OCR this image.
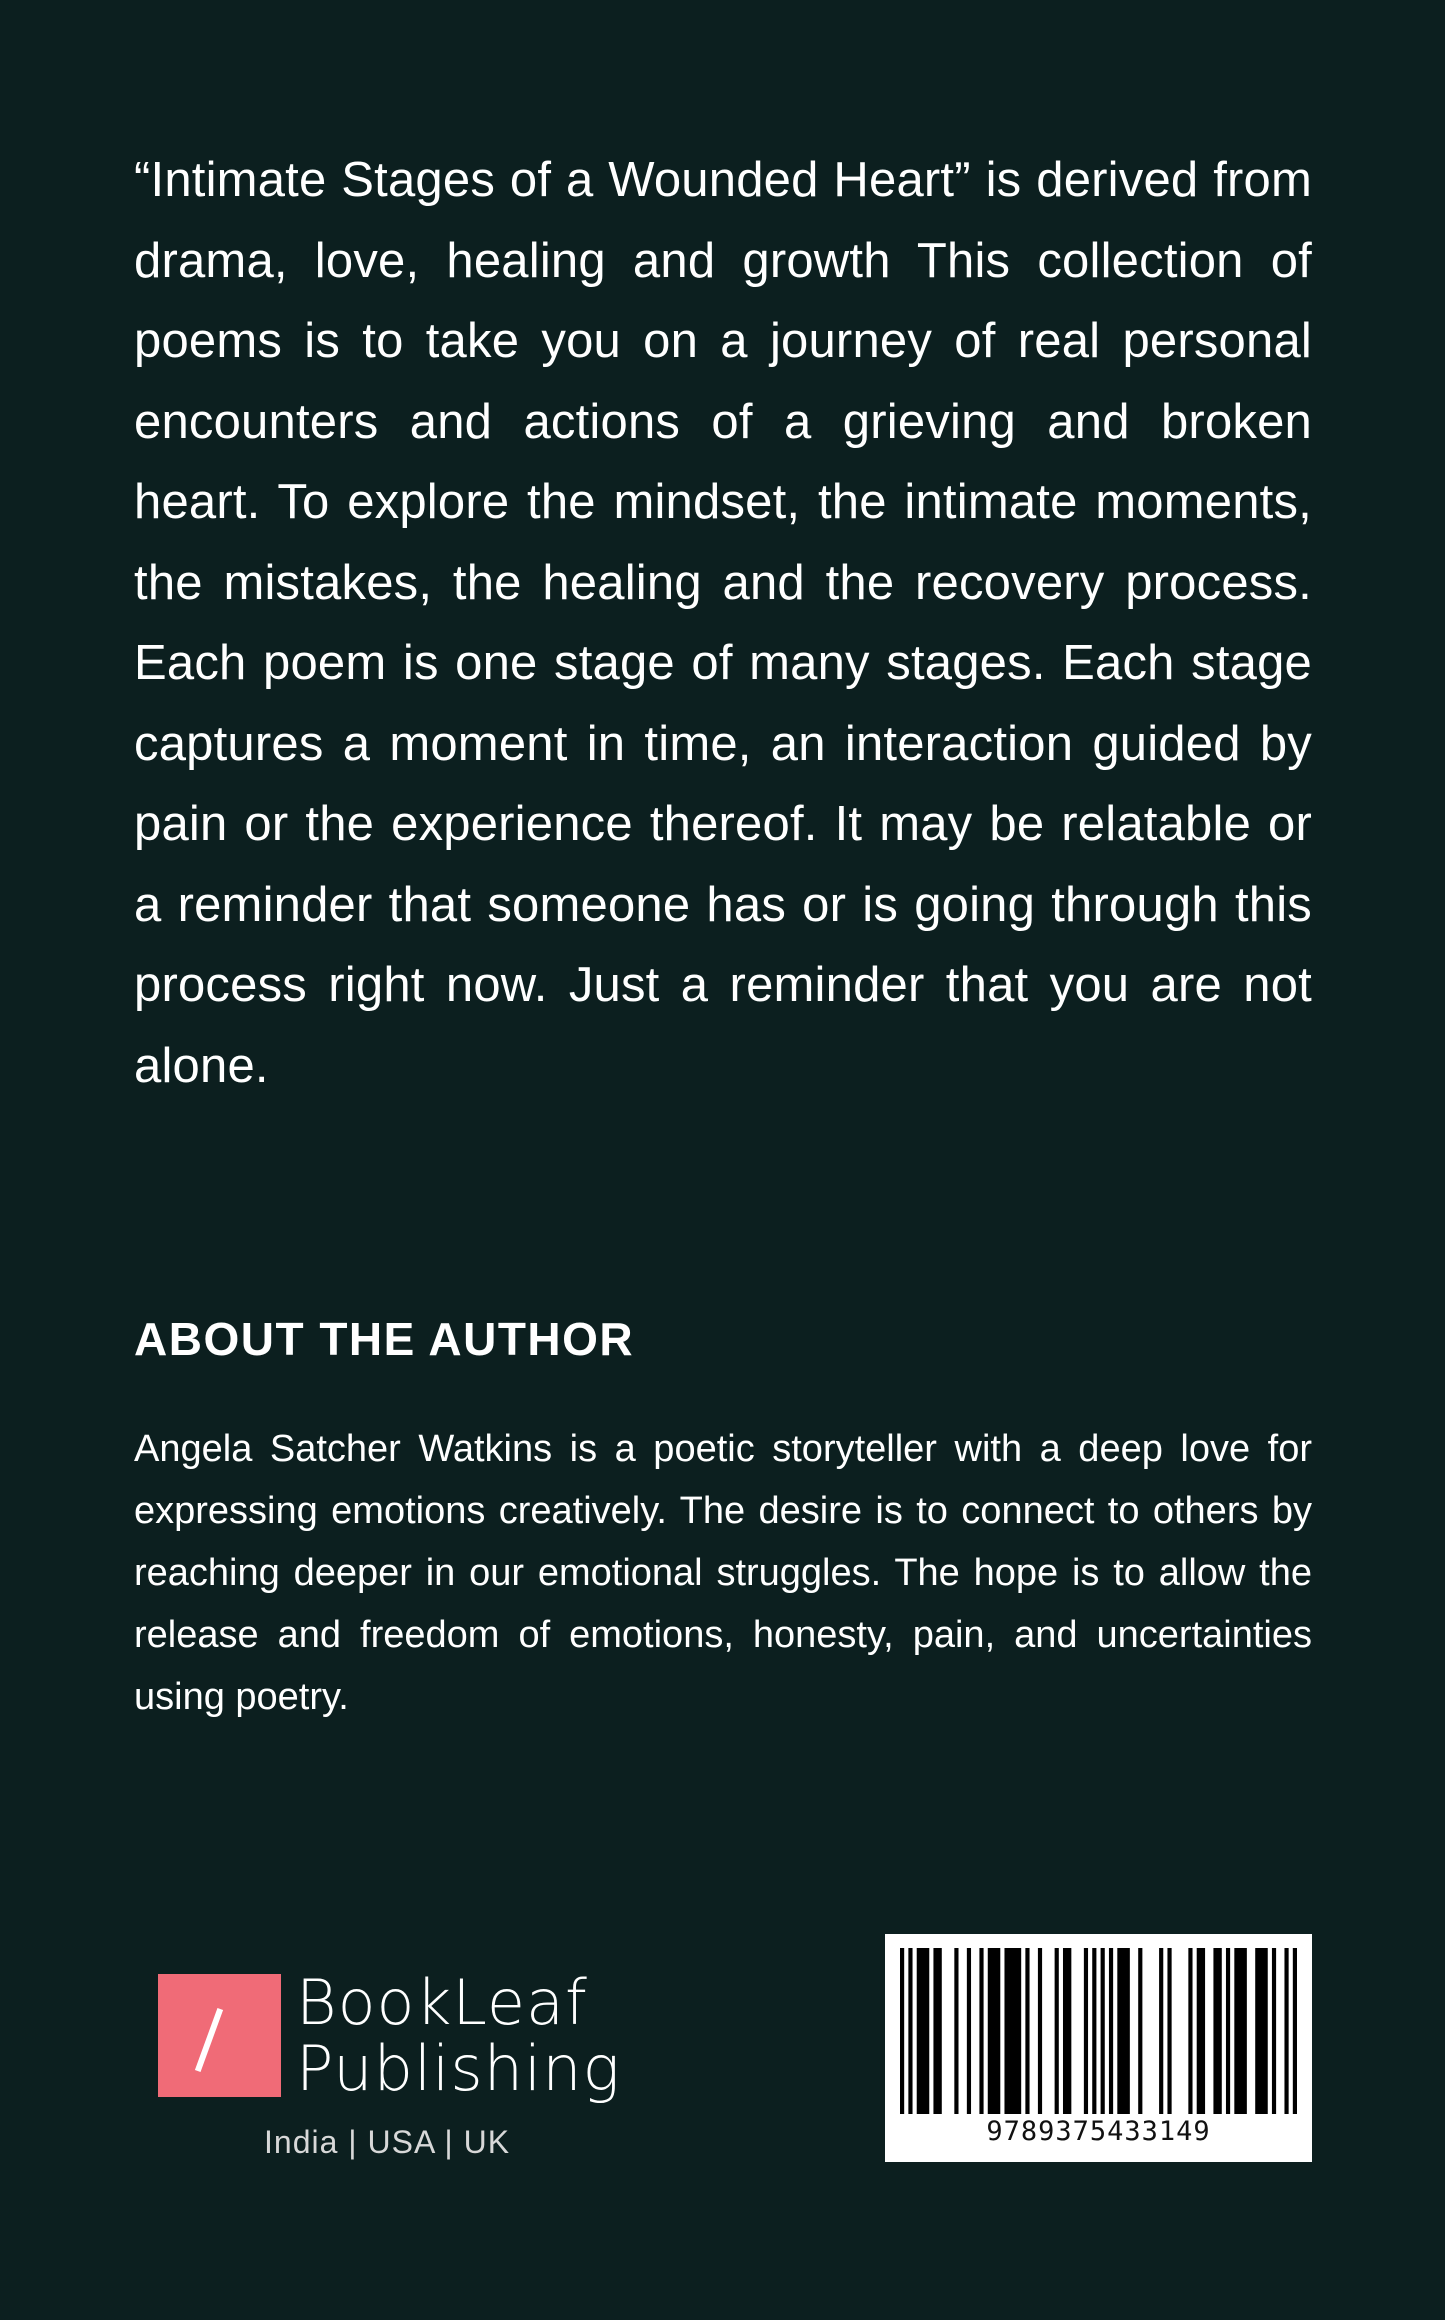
“Intimate Stages of a Wounded Heart” is derived from drama, love, healing and growth This collection of poems is to take you on a journey of real personal encounters and actions of a grieving and broken heart. To explore the mindset, the intimate moments, the mistakes, the healing and the recovery process. Each poem is one stage of many stages. Each stage captures a moment in time, an interaction guided by pain or the experience thereof. It may be relatable or a reminder that someone has or is going through this process right now. Just a reminder that you are not alone.

ABOUT THE AUTHOR

Angela Satcher Watkins is a poetic storyteller with a deep love for expressing emotions creatively. The desire is to connect to others by reaching deeper in our emotional struggles. The hope is to allow the release and freedom of emotions, honesty, pain, and uncertainties using poetry.

BookLeaf
Publishing
India | USA | UK	9789375433149
